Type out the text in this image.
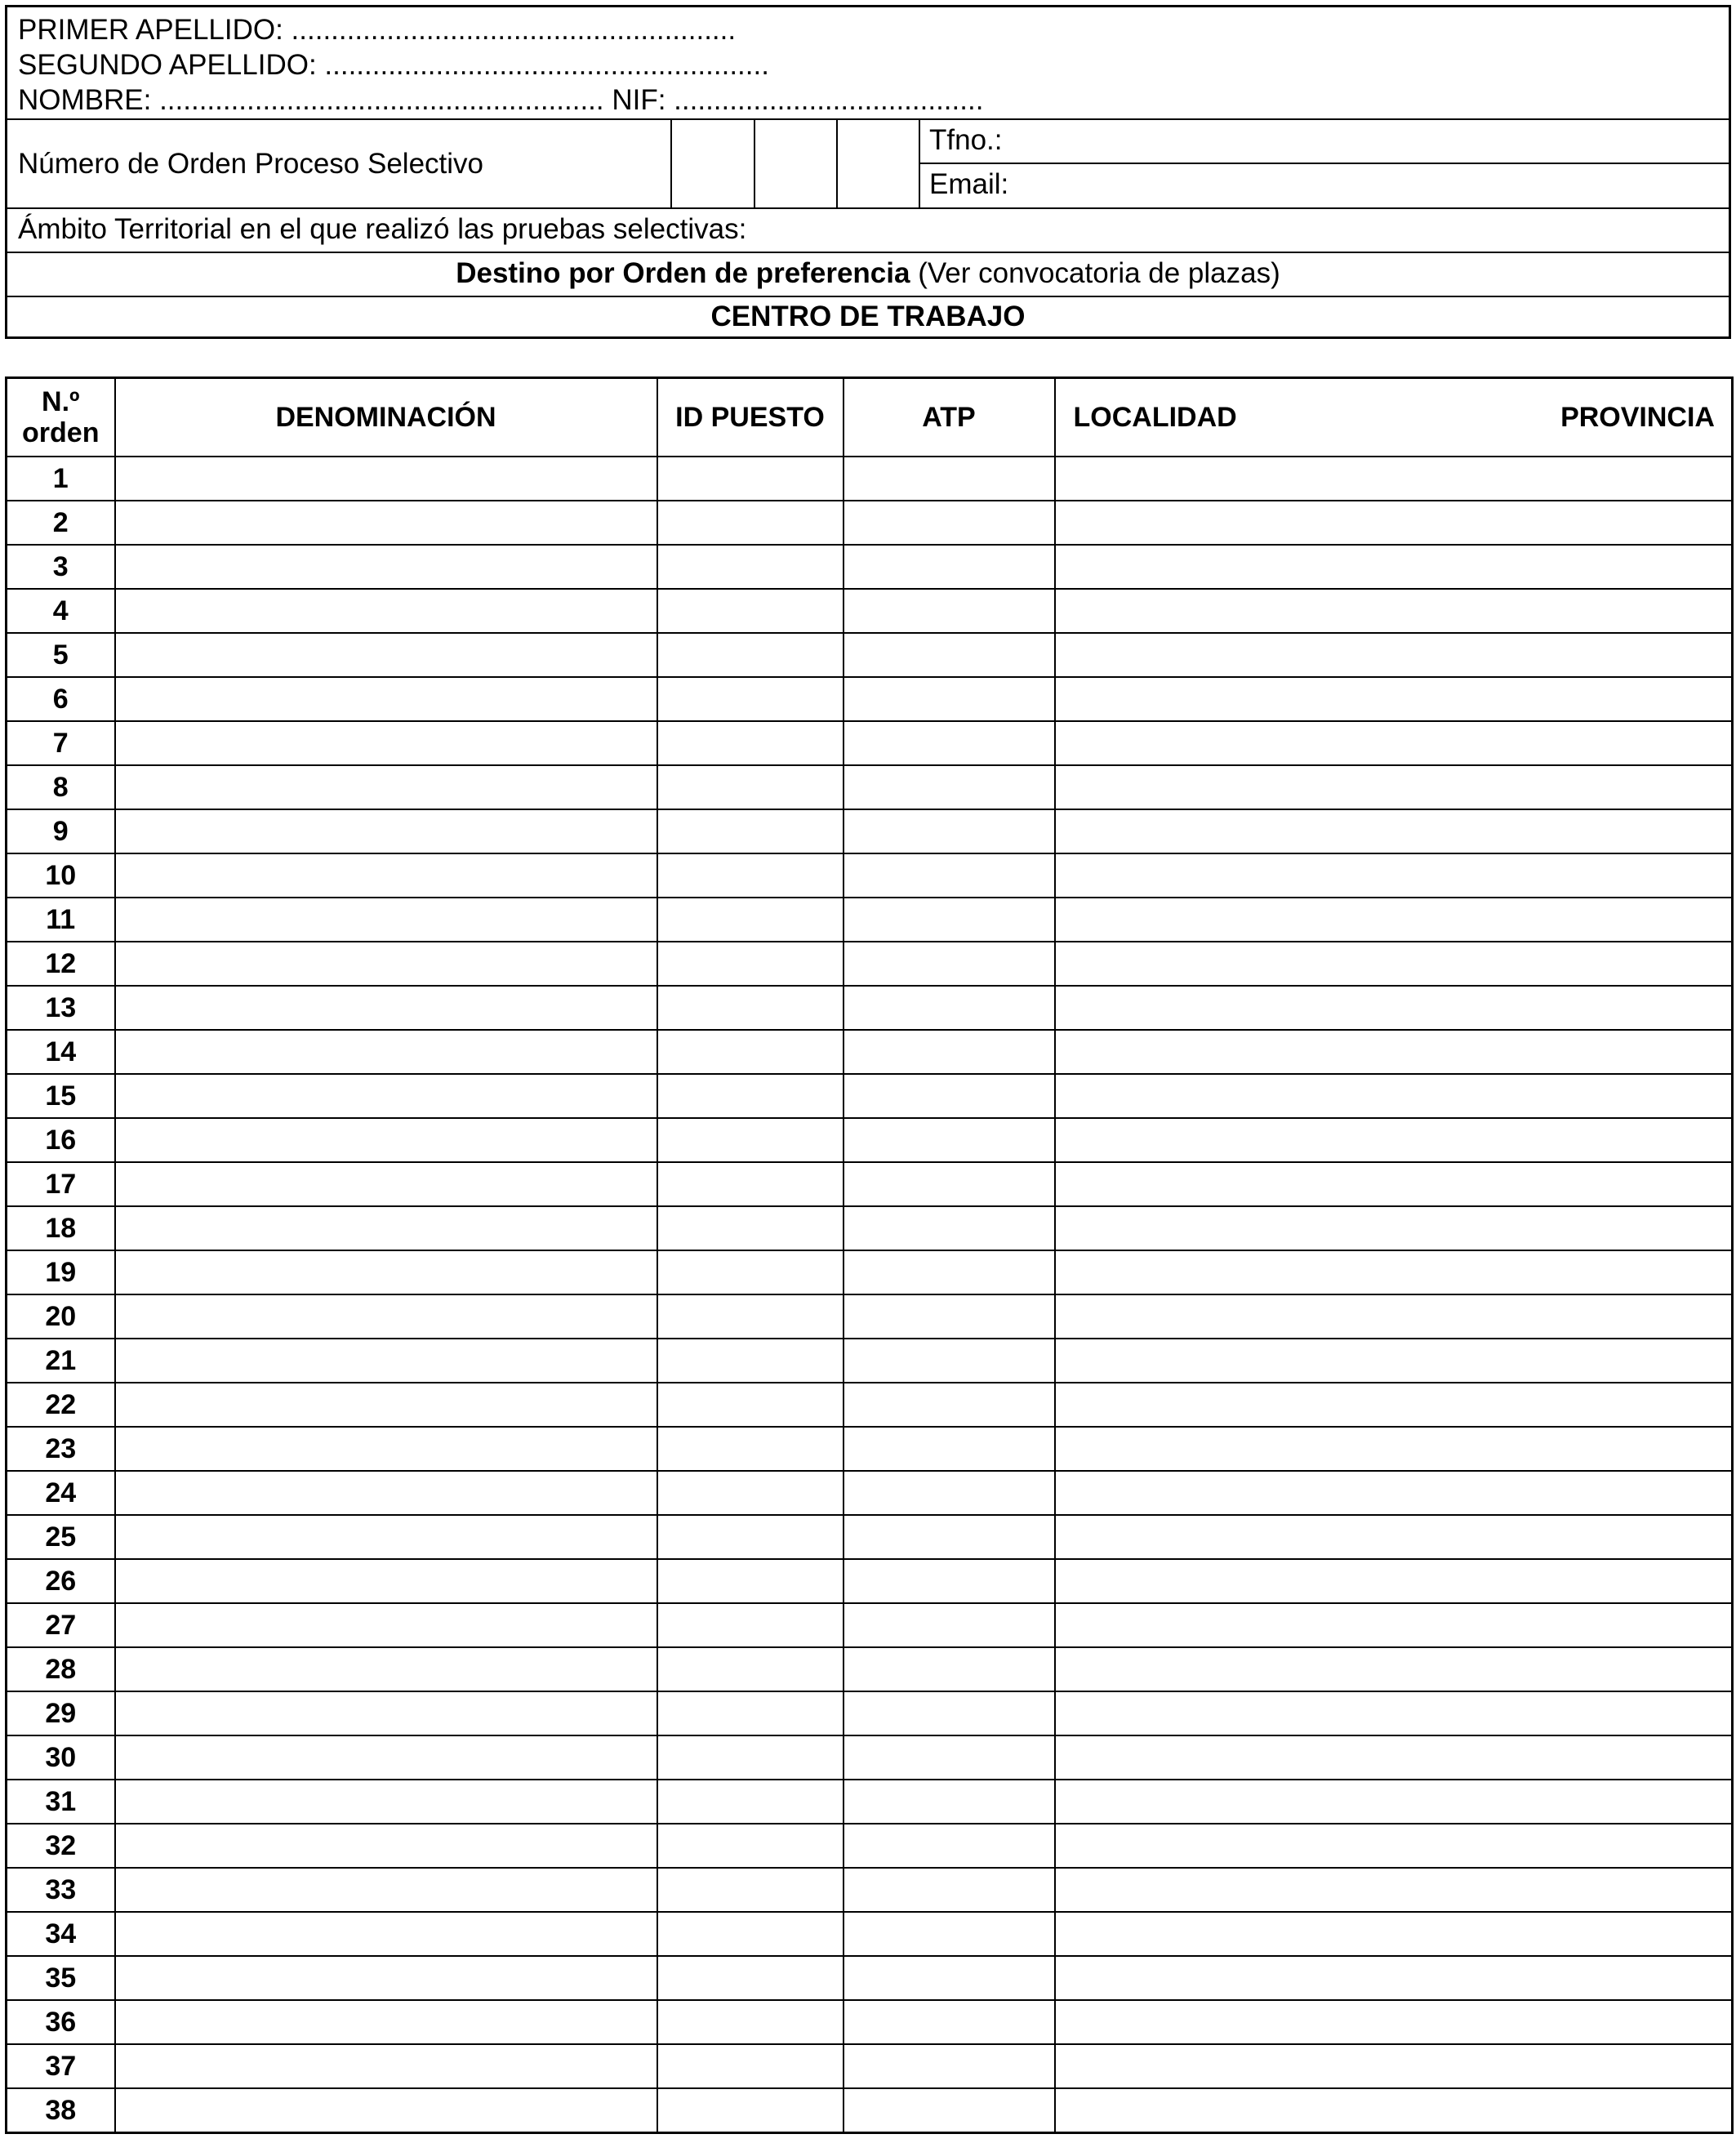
PRIMER APELLIDO: ........................................................
SEGUNDO APELLIDO: ........................................................
NOMBRE: ........................................................ NIF: .......................................
Número de Orden Proceso Selectivo
Tfno.:
Email:
Ámbito Territorial en el que realizó las pruebas selectivas:
Destino por Orden de preferencia (Ver convocatoria de plazas)
CENTRO DE TRABAJO
N.º
orden	DENOMINACIÓN	ID PUESTO	ATP	LOCALIDAD	PROVINCIA
1					
2					
3					
4					
5					
6					
7					
8					
9					
10					
11					
12					
13					
14					
15					
16					
17					
18					
19					
20					
21					
22					
23					
24					
25					
26					
27					
28					
29					
30					
31					
32					
33					
34					
35					
36					
37					
38					
